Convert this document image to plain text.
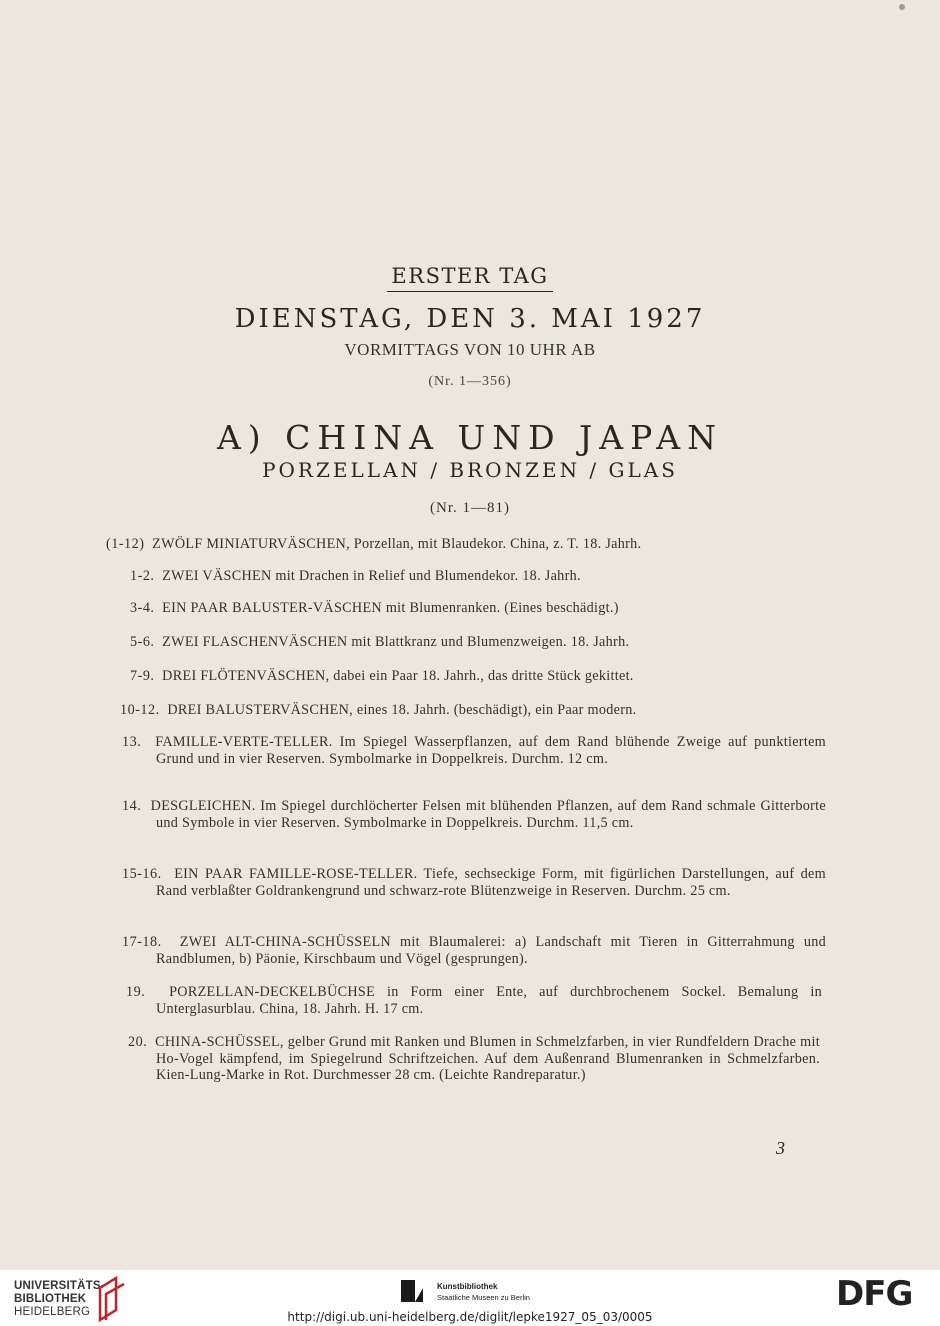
ERSTER TAG
DIENSTAG, DEN 3. MAI 1927
VORMITTAGS VON 10 UHR AB
(Nr. 1—356)
A) CHINA UND JAPAN
PORZELLAN / BRONZEN / GLAS
(Nr. 1—81)
(1-12) ZWÖLF MINIATURVÄSCHEN, Porzellan, mit Blaudekor. China, z. T. 18. Jahrh.
1-2. ZWEI VÄSCHEN mit Drachen in Relief und Blumendekor. 18. Jahrh.
3-4. EIN PAAR BALUSTER-VÄSCHEN mit Blumenranken. (Eines beschädigt.)
5-6. ZWEI FLASCHENVÄSCHEN mit Blattkranz und Blumenzweigen. 18. Jahrh.
7-9. DREI FLÖTENVÄSCHEN, dabei ein Paar 18. Jahrh., das dritte Stück gekittet.
10-12. DREI BALUSTERVÄSCHEN, eines 18. Jahrh. (beschädigt), ein Paar modern.
13. FAMILLE-VERTE-TELLER. Im Spiegel Wasserpflanzen, auf dem Rand blühende Zweige auf punktiertem Grund und in vier Reserven. Symbolmarke in Doppelkreis. Durchm. 12 cm.
14. DESGLEICHEN. Im Spiegel durchlöcherter Felsen mit blühenden Pflanzen, auf dem Rand schmale Gitterborte und Symbole in vier Reserven. Symbolmarke in Doppelkreis. Durchm. 11,5 cm.
15-16. EIN PAAR FAMILLE-ROSE-TELLER. Tiefe, sechseckige Form, mit figürlichen Darstellungen, auf dem Rand verblaßter Goldrankengrund und schwarz-rote Blütenzweige in Reserven. Durchm. 25 cm.
17-18. ZWEI ALT-CHINA-SCHÜSSELN mit Blaumalerei: a) Landschaft mit Tieren in Gitterrahmung und Randblumen, b) Päonie, Kirschbaum und Vögel (gesprungen).
19. PORZELLAN-DECKELBÜCHSE in Form einer Ente, auf durchbrochenem Sockel. Bemalung in Unterglasurblau. China, 18. Jahrh. H. 17 cm.
20. CHINA-SCHÜSSEL, gelber Grund mit Ranken und Blumen in Schmelzfarben, in vier Rundfeldern Drache mit Ho-Vogel kämpfend, im Spiegelrund Schriftzeichen. Auf dem Außenrand Blumenranken in Schmelzfarben. Kien-Lung-Marke in Rot. Durchmesser 28 cm. (Leichte Randreparatur.)
3
UNIVERSITÄTS-
BIBLIOTHEK
HEIDELBERG
Kunstbibliothek
Staatliche Museen zu Berlin	DFG
http://digi.ub.uni-heidelberg.de/diglit/lepke1927_05_03/0005
